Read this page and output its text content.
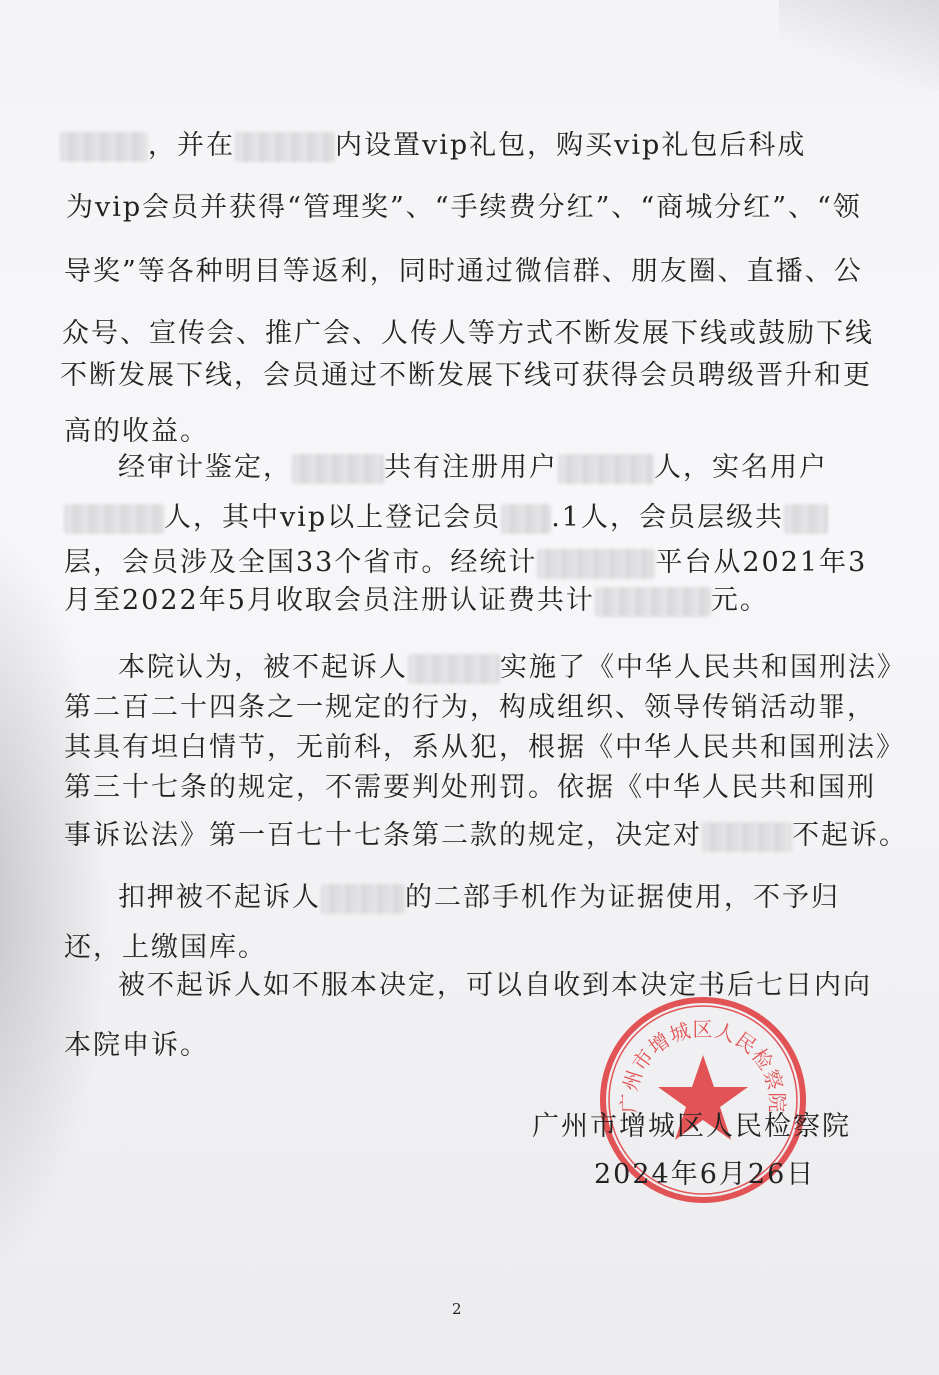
，并在	内设置vip礼包，购买vip礼包后科成
为vip会员并获得“管理奖”、“手续费分红”、“商城分红”、“领
导奖”等各种明目等返利，同时通过微信群、朋友圈、直播、公
众号、宣传会、推广会、人传人等方式不断发展下线或鼓励下线
不断发展下线，会员通过不断发展下线可获得会员聘级晋升和更
高的收益。
经审计鉴定，	共有注册用户	人，实名用户
人，其中vip以上登记会员 .1人，会员层级共
层，会员涉及全国33个省市。经统计	平台从2021年3
月至2022年5月收取会员注册认证费共计	元。
本院认为，被不起诉人	实施了《中华人民共和国刑法》
第二百二十四条之一规定的行为，构成组织、领导传销活动罪，
其具有坦白情节，无前科，系从犯，根据《中华人民共和国刑法》
第三十七条的规定，不需要判处刑罚。依据《中华人民共和国刑
事诉讼法》第一百七十七条第二款的规定，决定对	不起诉。
扣押被不起诉人	的二部手机作为证据使用，不予归
还，上缴国库。
被不起诉人如不服本决定，可以自收到本决定书后七日内向
本院申诉。
广州市增城区人民检察院
广州市增城区人民检察院
2024年6月26日
2
